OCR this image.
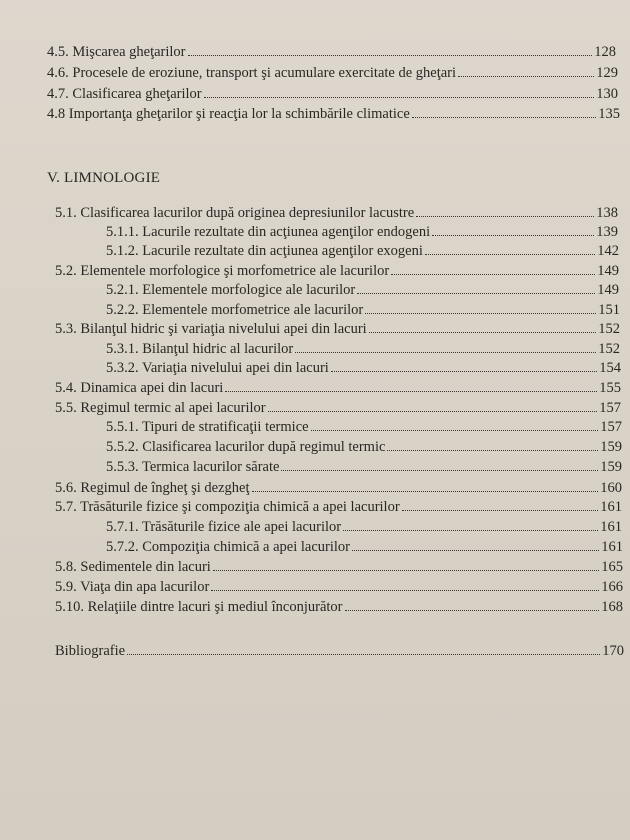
4.5. Mişcarea gheţarilor	128
4.6. Procesele de eroziune, transport şi acumulare exercitate de gheţari	129
4.7. Clasificarea gheţarilor	130
4.8 Importanţa gheţarilor şi reacţia lor la schimbările climatice	135
V. LIMNOLOGIE
5.1. Clasificarea lacurilor după originea depresiunilor lacustre	138
5.1.1. Lacurile rezultate din acţiunea agenţilor endogeni	139
5.1.2. Lacurile rezultate din acţiunea agenţilor exogeni	142
5.2. Elementele morfologice şi morfometrice ale lacurilor	149
5.2.1. Elementele morfologice ale lacurilor	149
5.2.2. Elementele morfometrice ale lacurilor	151
5.3. Bilanţul hidric şi variaţia nivelului apei din lacuri	152
5.3.1. Bilanţul hidric al lacurilor	152
5.3.2. Variaţia nivelului apei din lacuri	154
5.4. Dinamica apei din lacuri	155
5.5. Regimul termic al apei lacurilor	157
5.5.1. Tipuri de stratificaţii termice	157
5.5.2. Clasificarea lacurilor după regimul termic	159
5.5.3. Termica lacurilor sărate	159
5.6. Regimul de îngheţ şi dezgheţ	160
5.7. Trăsăturile fizice şi compoziţia chimică a apei lacurilor	161
5.7.1. Trăsăturile fizice ale apei lacurilor	161
5.7.2. Compoziţia chimică a apei lacurilor	161
5.8. Sedimentele din lacuri	165
5.9. Viaţa din apa lacurilor	166
5.10. Relaţiile dintre lacuri şi mediul înconjurător	168
Bibliografie	170
